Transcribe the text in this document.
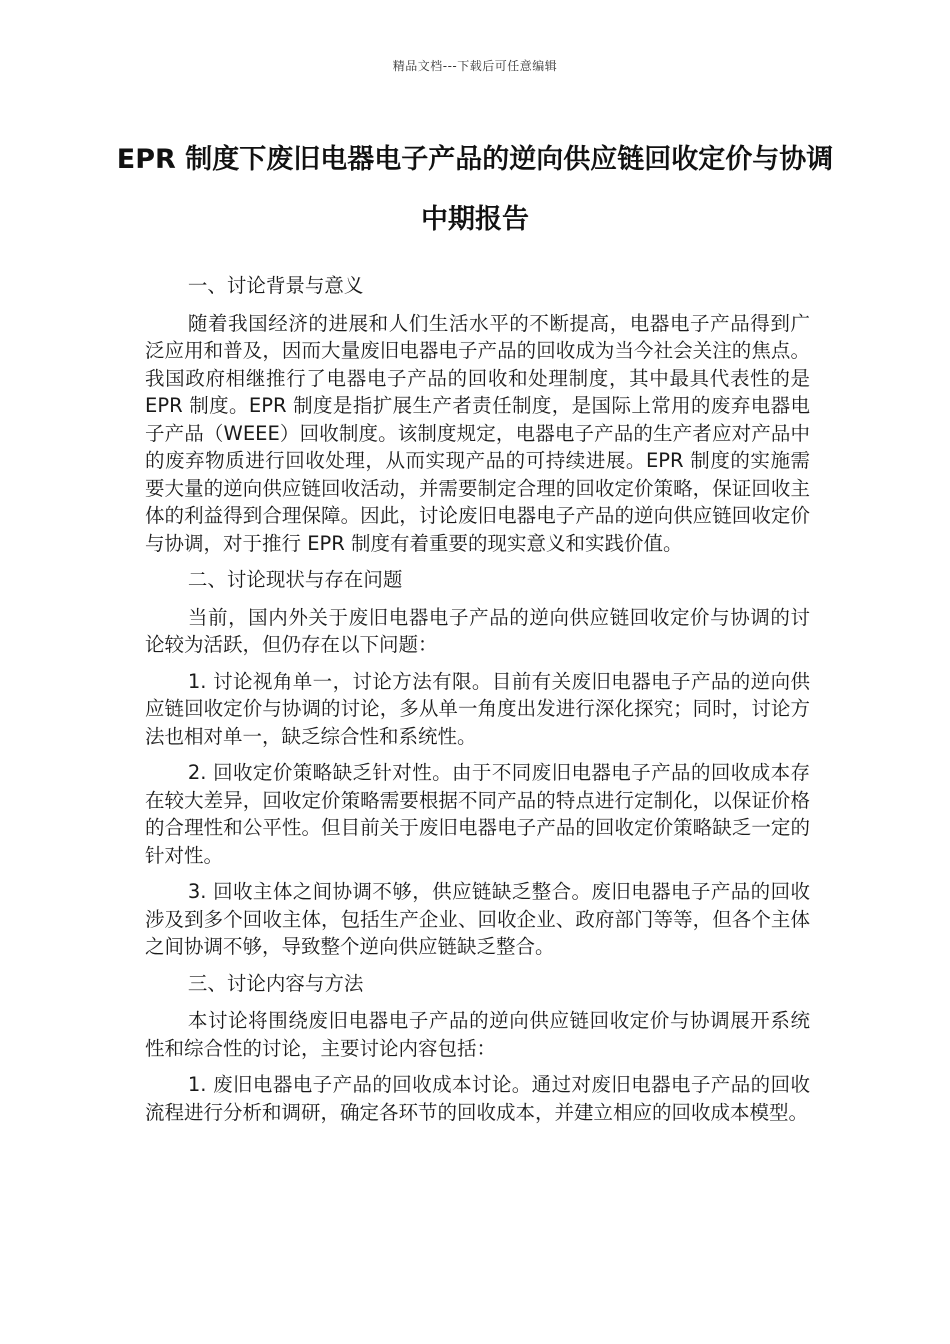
精品文档---下载后可任意编辑
EPR 制度下废旧电器电子产品的逆向供应链回收定价与协调中期报告

一、讨论背景与意义

随着我国经济的进展和人们生活水平的不断提高，电器电子产品得到广泛应用和普及，因而大量废旧电器电子产品的回收成为当今社会关注的焦点。我国政府相继推行了电器电子产品的回收和处理制度，其中最具代表性的是 EPR 制度。EPR 制度是指扩展生产者责任制度，是国际上常用的废弃电器电子产品（WEEE）回收制度。该制度规定，电器电子产品的生产者应对产品中的废弃物质进行回收处理，从而实现产品的可持续进展。EPR 制度的实施需要大量的逆向供应链回收活动，并需要制定合理的回收定价策略，保证回收主体的利益得到合理保障。因此，讨论废旧电器电子产品的逆向供应链回收定价与协调，对于推行 EPR 制度有着重要的现实意义和实践价值。

二、讨论现状与存在问题

当前，国内外关于废旧电器电子产品的逆向供应链回收定价与协调的讨论较为活跃，但仍存在以下问题：

1. 讨论视角单一，讨论方法有限。目前有关废旧电器电子产品的逆向供应链回收定价与协调的讨论，多从单一角度出发进行深化探究；同时，讨论方法也相对单一，缺乏综合性和系统性。

2. 回收定价策略缺乏针对性。由于不同废旧电器电子产品的回收成本存在较大差异，回收定价策略需要根据不同产品的特点进行定制化，以保证价格的合理性和公平性。但目前关于废旧电器电子产品的回收定价策略缺乏一定的针对性。

3. 回收主体之间协调不够，供应链缺乏整合。废旧电器电子产品的回收涉及到多个回收主体，包括生产企业、回收企业、政府部门等等，但各个主体之间协调不够，导致整个逆向供应链缺乏整合。

三、讨论内容与方法

本讨论将围绕废旧电器电子产品的逆向供应链回收定价与协调展开系统性和综合性的讨论，主要讨论内容包括：

1. 废旧电器电子产品的回收成本讨论。通过对废旧电器电子产品的回收流程进行分析和调研，确定各环节的回收成本，并建立相应的回收成本模型。
